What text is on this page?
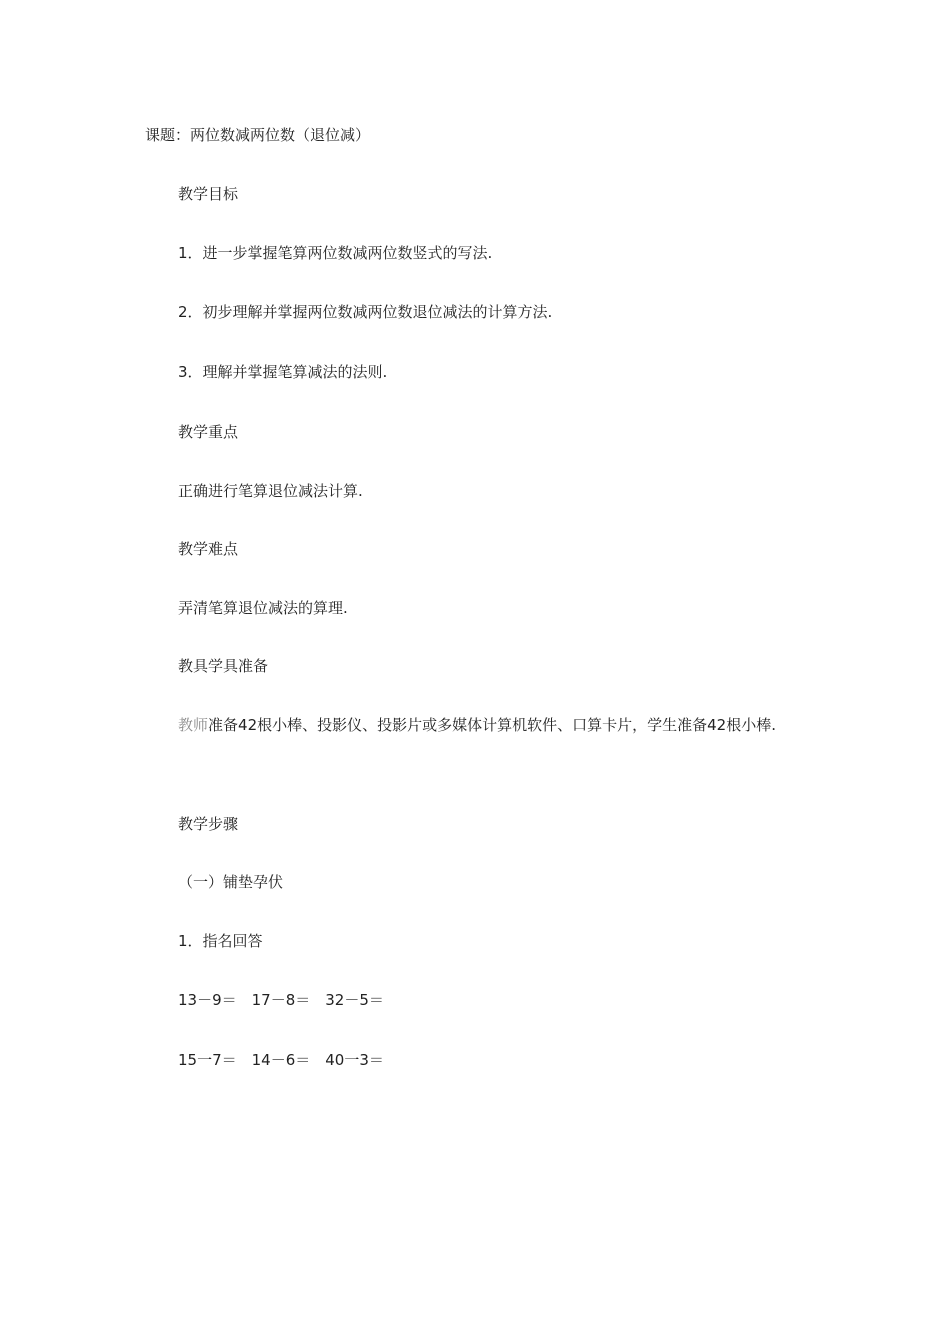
课题：两位数减两位数（退位减）
教学目标
1．进一步掌握笔算两位数减两位数竖式的写法.
2．初步理解并掌握两位数减两位数退位减法的计算方法.
3．理解并掌握笔算减法的法则.
教学重点
正确进行笔算退位减法计算.
教学难点
弄清笔算退位减法的算理.
教具学具准备
教师准备42根小棒、投影仪、投影片或多媒体计算机软件、口算卡片，学生准备42根小棒.
教学步骤
（一）铺垫孕伏
1．指名回答
13－9＝　17－8＝　32－5＝
15一7＝　14－6＝　40一3＝
